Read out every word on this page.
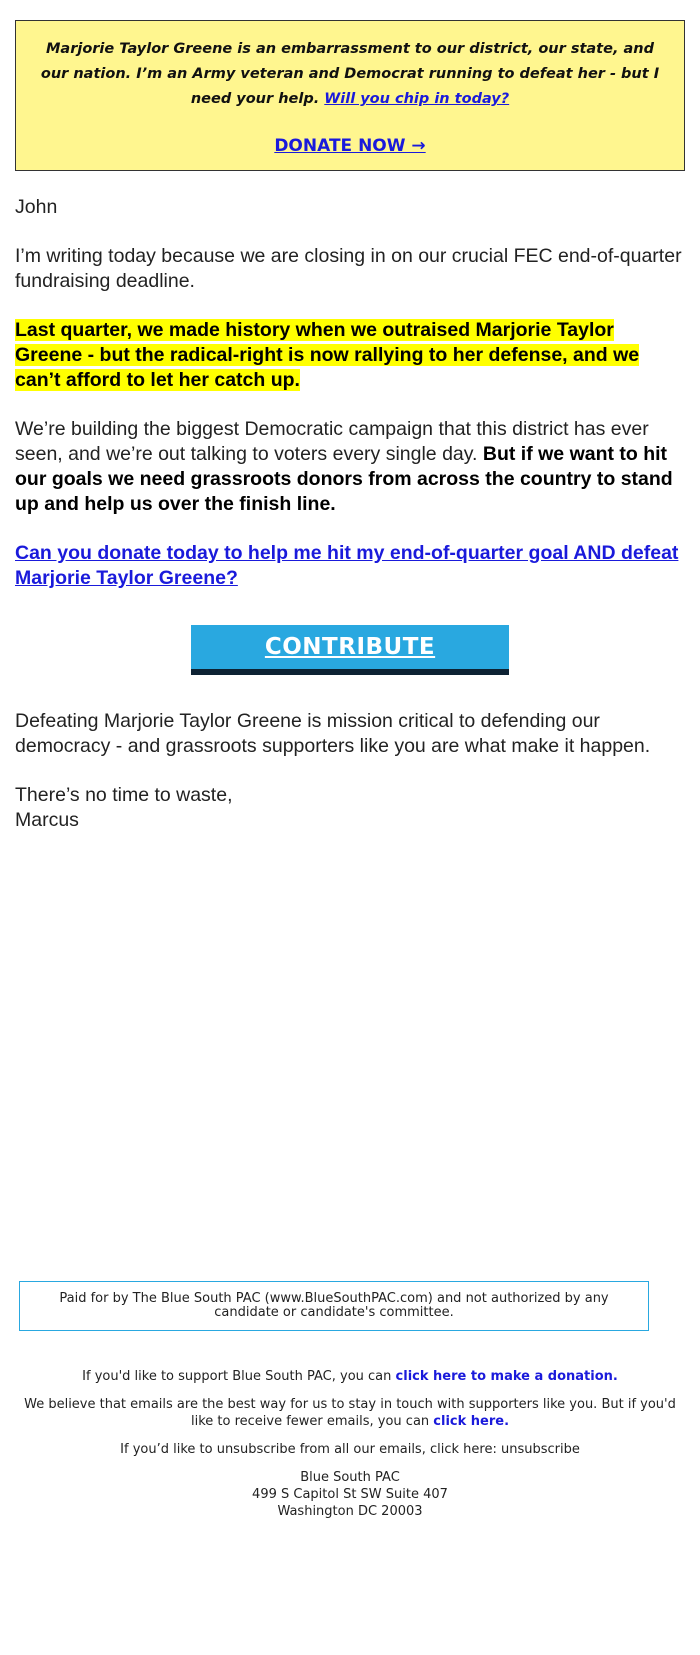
Marjorie Taylor Greene is an embarrassment to our district, our state, and our nation. I’m an Army veteran and Democrat running to defeat her - but I need your help. Will you chip in today?

DONATE NOW →

John

I’m writing today because we are closing in on our crucial FEC end-of-quarter fundraising deadline.

Last quarter, we made history when we outraised Marjorie Taylor Greene - but the radical-right is now rallying to her defense, and we can’t afford to let her catch up.

We’re building the biggest Democratic campaign that this district has ever seen, and we’re out talking to voters every single day. But if we want to hit our goals we need grassroots donors from across the country to stand up and help us over the finish line.

Can you donate today to help me hit my end-of-quarter goal AND defeat Marjorie Taylor Greene?

CONTRIBUTE

Defeating Marjorie Taylor Greene is mission critical to defending our democracy - and grassroots supporters like you are what make it happen.

There’s no time to waste,
Marcus

Paid for by The Blue South PAC (www.BlueSouthPAC.com) and not authorized by any candidate or candidate's committee.

If you'd like to support Blue South PAC, you can click here to make a donation.

We believe that emails are the best way for us to stay in touch with supporters like you. But if you'd like to receive fewer emails, you can click here.

If you’d like to unsubscribe from all our emails, click here: unsubscribe

Blue South PAC

499 S Capitol St SW Suite 407

Washington DC 20003
